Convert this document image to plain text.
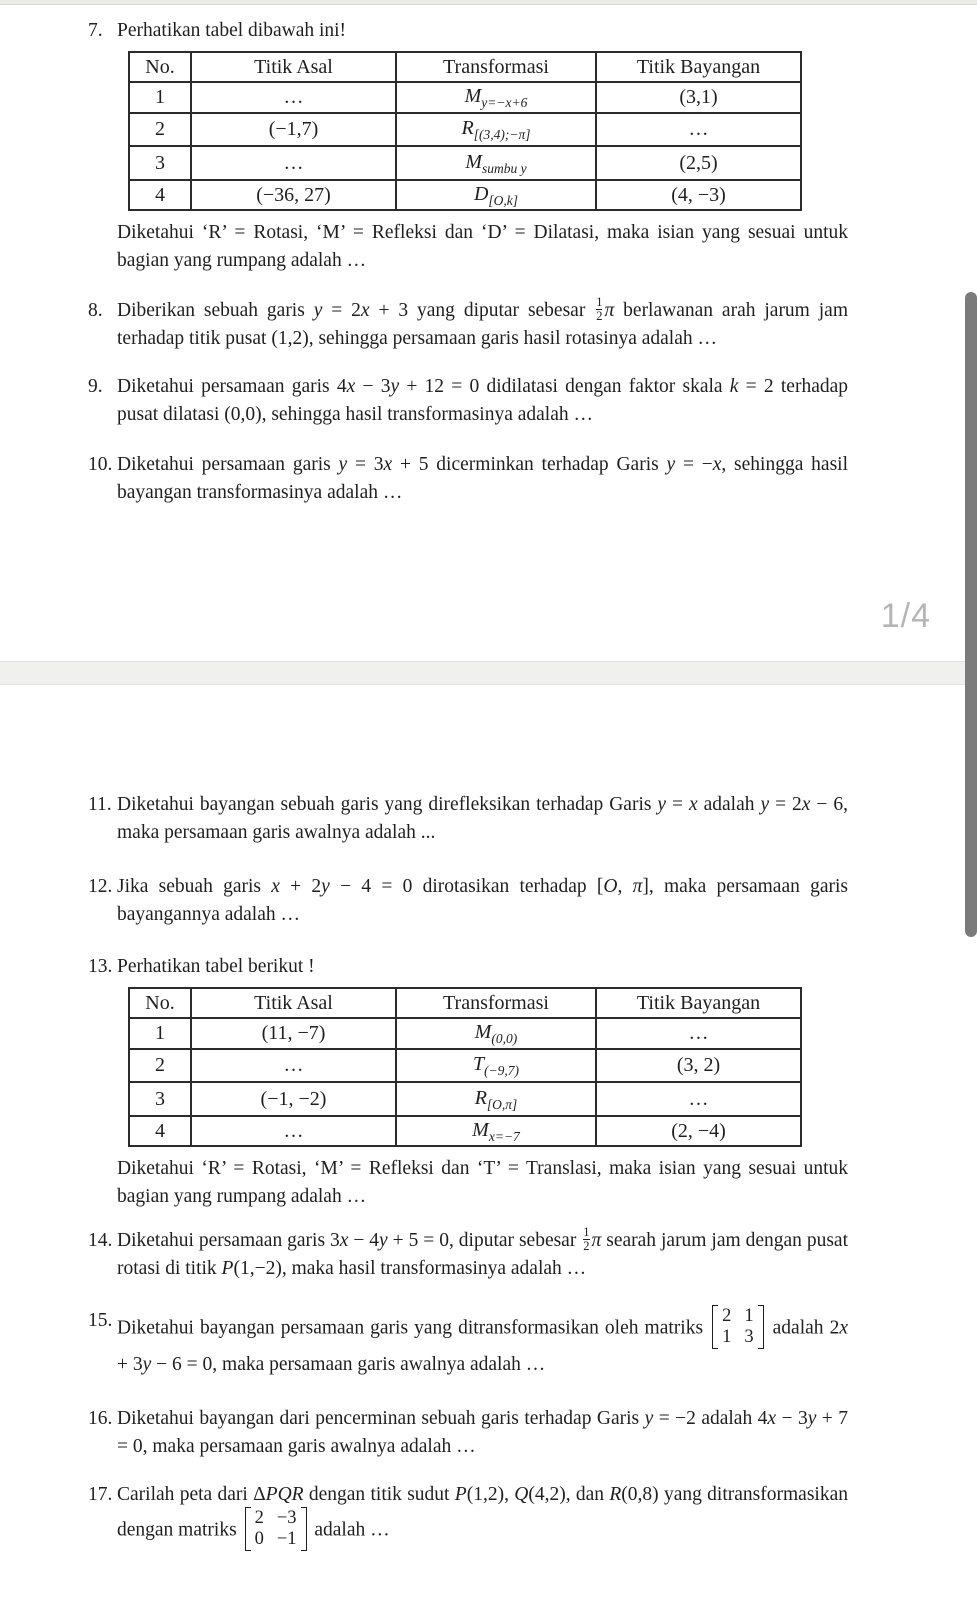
7. Perhatikan tabel dibawah ini!
No.	Titik Asal	Transformasi	Titik Bayangan
1	…	$M_{y=-x+6}$	(3,1)
2	(−1,7)	$R_{[(3,4);-\pi]}$	…
3	…	$M_{sumbu y}$	(2,5)
4	(−36, 27)	$D_{[O,k]}$	(4, −3)
Diketahui ‘R’ = Rotasi, ‘M’ = Refleksi dan ‘D’ = Dilatasi, maka isian yang sesuai untuk bagian yang rumpang adalah …
8. Diberikan sebuah garis y = 2x + 3 yang diputar sebesar $\frac{1}{2}$ π berlawanan arah jarum jam terhadap titik pusat (1,2), sehingga persamaan garis hasil rotasinya adalah …
9. Diketahui persamaan garis 4x − 3y + 12 = 0 didilatasi dengan faktor skala k = 2 terhadap pusat dilatasi (0,0), sehingga hasil transformasinya adalah …
10. Diketahui persamaan garis y = 3x + 5 dicerminkan terhadap Garis y = −x, sehingga hasil bayangan transformasinya adalah …
1/4
11. Diketahui bayangan sebuah garis yang direfleksikan terhadap Garis y = x adalah y = 2x − 6, maka persamaan garis awalnya adalah ...
12. Jika sebuah garis x + 2y − 4 = 0 dirotasikan terhadap [O, π], maka persamaan garis bayangannya adalah …
13. Perhatikan tabel berikut !
No.	Titik Asal	Transformasi	Titik Bayangan
1	(11, −7)	$M_{(0,0)}$	…
2	…	$T_{(-9,7)}$	(3, 2)
3	(−1, −2)	$R_{[O,\pi]}$	…
4	…	$M_{x=-7}$	(2, −4)
Diketahui ‘R’ = Rotasi, ‘M’ = Refleksi dan ‘T’ = Translasi, maka isian yang sesuai untuk bagian yang rumpang adalah …
14. Diketahui persamaan garis 3x − 4y + 5 = 0, diputar sebesar $\frac{1}{2}$ π searah jarum jam dengan pusat rotasi di titik P(1,−2), maka hasil transformasinya adalah …
15. Diketahui bayangan persamaan garis yang ditransformasikan oleh matriks
2 1
1 3 adalah 2x + 3y − 6 = 0, maka persamaan garis awalnya adalah …
16. Diketahui bayangan dari pencerminan sebuah garis terhadap Garis y = −2 adalah 4x − 3y + 7 = 0, maka persamaan garis awalnya adalah …
17. Carilah peta dari ΔPQR dengan titik sudut P(1,2), Q(4,2), dan R(0,8) yang ditransformasikan dengan matriks
2 −3
0 −1 adalah …
